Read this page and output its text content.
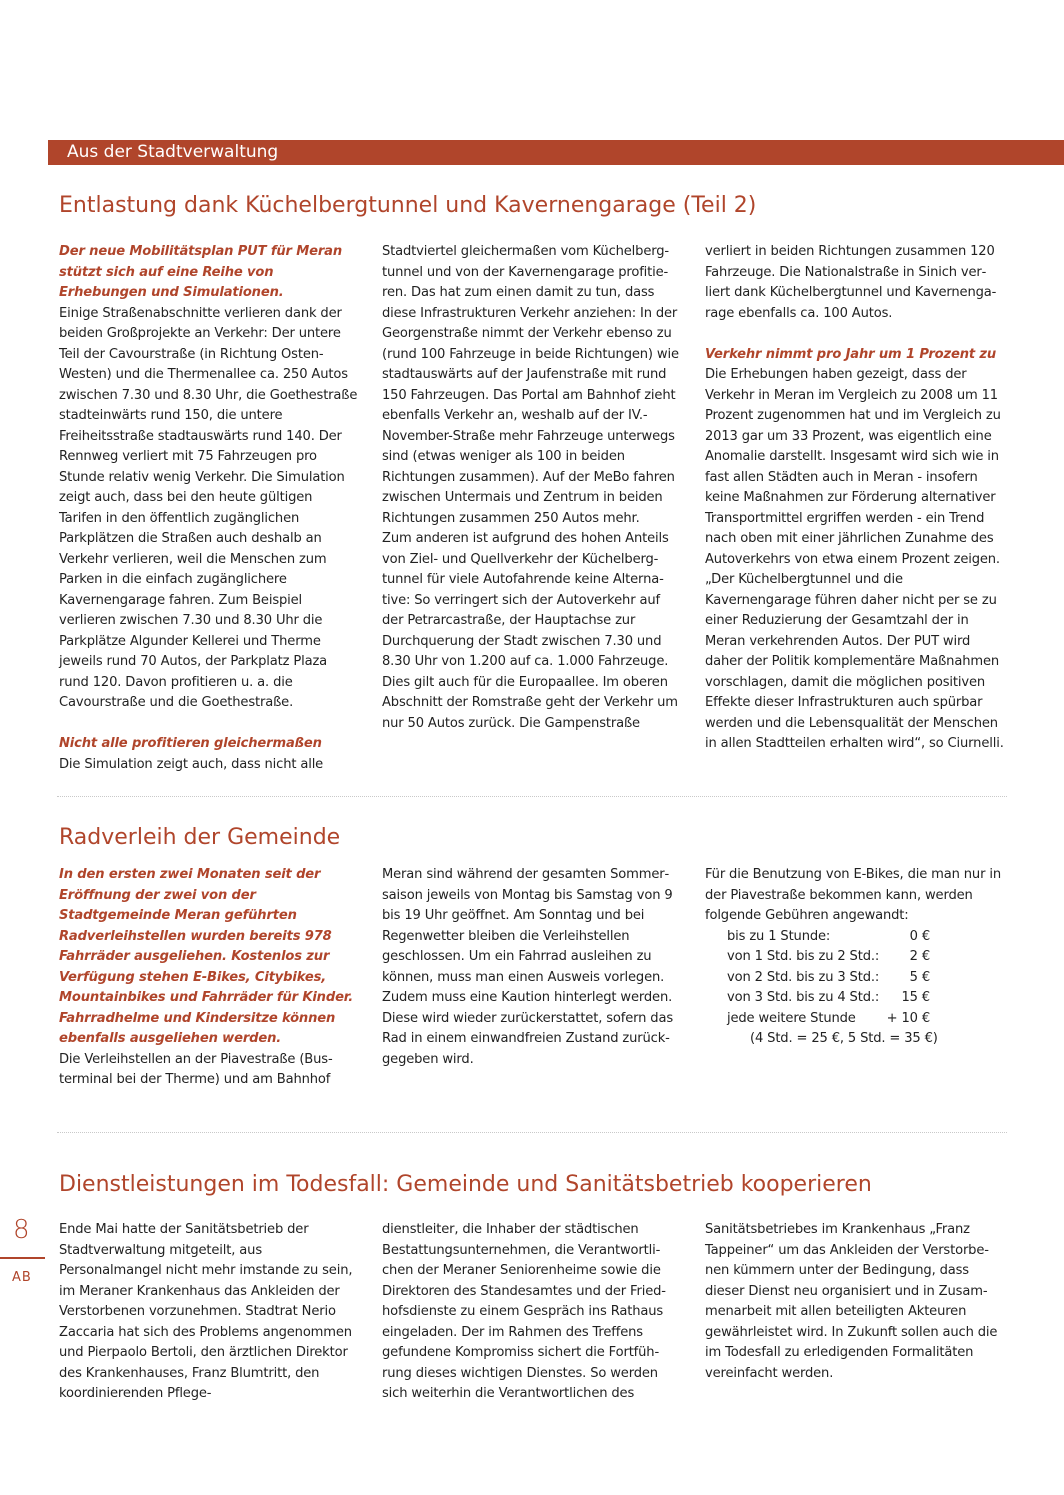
Aus der Stadtverwaltung
Entlastung dank Küchelbergtunnel und Kavernengarage (Teil 2)

Der neue Mobilitätsplan PUT für Meran stützt sich auf eine Reihe von Erhebungen und Simulationen.

Einige Straßenabschnitte verlieren dank der beiden Großprojekte an Verkehr: Der untere Teil der Cavourstraße (in Richtung Osten-Westen) und die Thermenallee ca. 250 Autos zwischen 7.30 und 8.30 Uhr, die Goethestraße stadteinwärts rund 150, die untere Freiheitsstraße stadtauswärts rund 140. Der Rennweg verliert mit 75 Fahrzeugen pro Stunde relativ wenig Verkehr. Die Simulation zeigt auch, dass bei den heute gültigen Tarifen in den öffentlich zugänglichen Parkplätzen die Straßen auch deshalb an Verkehr verlieren, weil die Menschen zum Parken in die einfach zugänglichere Kavernengarage fahren. Zum Beispiel verlieren zwischen 7.30 und 8.30 Uhr die Parkplätze Algunder Kellerei und Therme jeweils rund 70 Autos, der Parkplatz Plaza rund 120. Davon profitieren u. a. die Cavourstraße und die Goethestraße.

Nicht alle profitieren gleichermaßen

Die Simulation zeigt auch, dass nicht alle

Stadtviertel gleichermaßen vom Küchelbergtunnel und von der Kavernengarage profitieren. Das hat zum einen damit zu tun, dass diese Infrastrukturen Verkehr anziehen: In der Georgenstraße nimmt der Verkehr ebenso zu (rund 100 Fahrzeuge in beide Richtungen) wie stadtauswärts auf der Jaufenstraße mit rund 150 Fahrzeugen. Das Portal am Bahnhof zieht ebenfalls Verkehr an, weshalb auf der IV.-November-Straße mehr Fahrzeuge unterwegs sind (etwas weniger als 100 in beiden Richtungen zusammen). Auf der MeBo fahren zwischen Untermais und Zentrum in beiden Richtungen zusammen 250 Autos mehr.

Zum anderen ist aufgrund des hohen Anteils von Ziel- und Quellverkehr der Küchelbergtunnel für viele Autofahrende keine Alternative: So verringert sich der Autoverkehr auf der Petrarcastraße, der Hauptachse zur Durchquerung der Stadt zwischen 7.30 und 8.30 Uhr von 1.200 auf ca. 1.000 Fahrzeuge. Dies gilt auch für die Europaallee. Im oberen Abschnitt der Romstraße geht der Verkehr um nur 50 Autos zurück. Die Gampenstraße

verliert in beiden Richtungen zusammen 120 Fahrzeuge. Die Nationalstraße in Sinich verliert dank Küchelbergtunnel und Kavernengarage ebenfalls ca. 100 Autos.

Verkehr nimmt pro Jahr um 1 Prozent zu

Die Erhebungen haben gezeigt, dass der Verkehr in Meran im Vergleich zu 2008 um 11 Prozent zugenommen hat und im Vergleich zu 2013 gar um 33 Prozent, was eigentlich eine Anomalie darstellt. Insgesamt wird sich wie in fast allen Städten auch in Meran - insofern keine Maßnahmen zur Förderung alternativer Transportmittel ergriffen werden - ein Trend nach oben mit einer jährlichen Zunahme des Autoverkehrs von etwa einem Prozent zeigen. „Der Küchelbergtunnel und die Kavernengarage führen daher nicht per se zu einer Reduzierung der Gesamtzahl der in Meran verkehrenden Autos. Der PUT wird daher der Politik komplementäre Maßnahmen vorschlagen, damit die möglichen positiven Effekte dieser Infrastrukturen auch spürbar werden und die Lebensqualität der Menschen in allen Stadtteilen erhalten wird“, so Ciurnelli.

Radverleih der Gemeinde

In den ersten zwei Monaten seit der Eröffnung der zwei von der Stadtgemeinde Meran geführten Radverleihstellen wurden bereits 978 Fahrräder ausgeliehen. Kostenlos zur Verfügung stehen E-Bikes, Citybikes, Mountainbikes und Fahrräder für Kinder. Fahrradhelme und Kindersitze können ebenfalls ausgeliehen werden.

Die Verleihstellen an der Piavestraße (Busterminal bei der Therme) und am Bahnhof

Meran sind während der gesamten Sommersaison jeweils von Montag bis Samstag von 9 bis 19 Uhr geöffnet. Am Sonntag und bei Regenwetter bleiben die Verleihstellen geschlossen. Um ein Fahrrad ausleihen zu können, muss man einen Ausweis vorlegen. Zudem muss eine Kaution hinterlegt werden. Diese wird wieder zurückerstattet, sofern das Rad in einem einwandfreien Zustand zurückgegeben wird.

Für die Benutzung von E-Bikes, die man nur in der Piavestraße bekommen kann, werden folgende Gebühren angewandt:

bis zu 1 Stunde:	0 €
von 1 Std. bis zu 2 Std.: 2 €
von 2 Std. bis zu 3 Std.: 5 €
von 3 Std. bis zu 4 Std.: 15 €
jede weitere Stunde + 10 €

(4 Std. = 25 €, 5 Std. = 35 €)

Dienstleistungen im Todesfall: Gemeinde und Sanitätsbetrieb kooperieren

Ende Mai hatte der Sanitätsbetrieb der Stadtverwaltung mitgeteilt, aus Personalmangel nicht mehr imstande zu sein, im Meraner Krankenhaus das Ankleiden der Verstorbenen vorzunehmen. Stadtrat Nerio Zaccaria hat sich des Problems angenommen und Pierpaolo Bertoli, den ärztlichen Direktor des Krankenhauses, Franz Blumtritt, den koordinierenden Pflege-

dienstleiter, die Inhaber der städtischen Bestattungsunternehmen, die Verantwortlichen der Meraner Seniorenheime sowie die Direktoren des Standesamtes und der Friedhofsdienste zu einem Gespräch ins Rathaus eingeladen. Der im Rahmen des Treffens gefundene Kompromiss sichert die Fortführung dieses wichtigen Dienstes. So werden sich weiterhin die Verantwortlichen des

Sanitätsbetriebes im Krankenhaus „Franz Tappeiner“ um das Ankleiden der Verstorbenen kümmern unter der Bedingung, dass dieser Dienst neu organisiert und in Zusammenarbeit mit allen beteiligten Akteuren gewährleistet wird. In Zukunft sollen auch die im Todesfall zu erledigenden Formalitäten vereinfacht werden.

8
AB
